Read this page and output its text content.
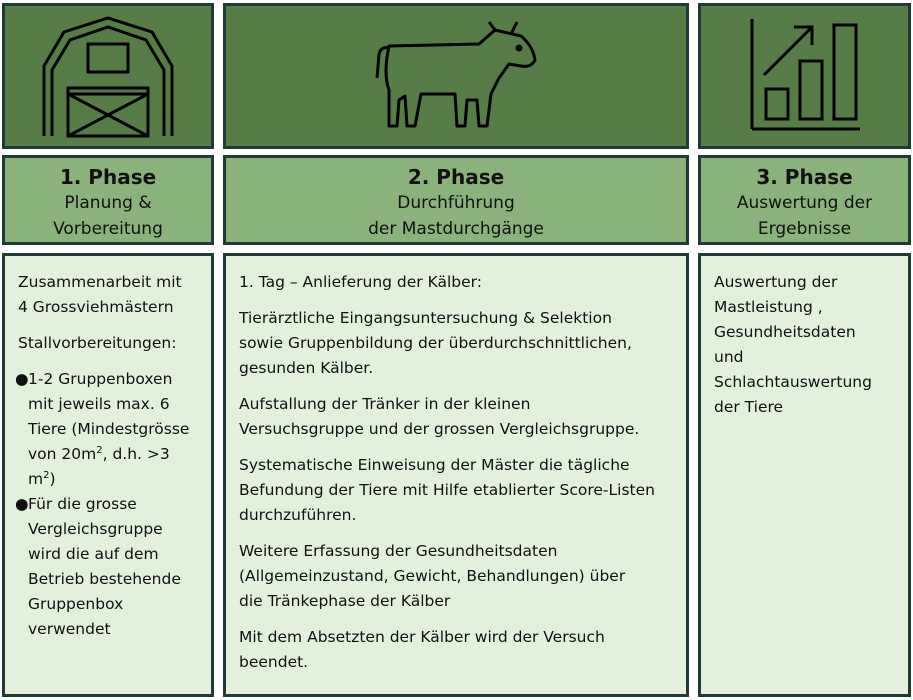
1. Phase
Planung &
Vorbereitung
Zusammenarbeit mit
4 Grossviehmästern
Stallvorbereitungen:
● 1-2 Gruppenboxen
mit jeweils max. 6
Tiere (Mindestgrösse
von $20m^2$, d.h. >3 $m^2$)
● Für die grosse
Vergleichsgruppe
wird die auf dem
Betrieb bestehende
Gruppenbox
verwendet
2. Phase
Durchführung
der Mastdurchgänge
1. Tag – Anlieferung der Kälber:
Tierärztliche Eingangsuntersuchung & Selektion
sowie Gruppenbildung der überdurchschnittlichen,
gesunden Kälber.
Aufstallung der Tränker in der kleinen
Versuchsgruppe und der grossen Vergleichsgruppe.
Systematische Einweisung der Mäster die tägliche
Befundung der Tiere mit Hilfe etablierter Score-Listen
durchzuführen.
Weitere Erfassung der Gesundheitsdaten
(Allgemeinzustand, Gewicht, Behandlungen) über
die Tränkephase der Kälber
Mit dem Absetzten der Kälber wird der Versuch
beendet.
3. Phase
Auswertung der
Ergebnisse
Auswertung der
Mastleistung ,
Gesundheitsdaten
und
Schlachtauswertung
der Tiere
